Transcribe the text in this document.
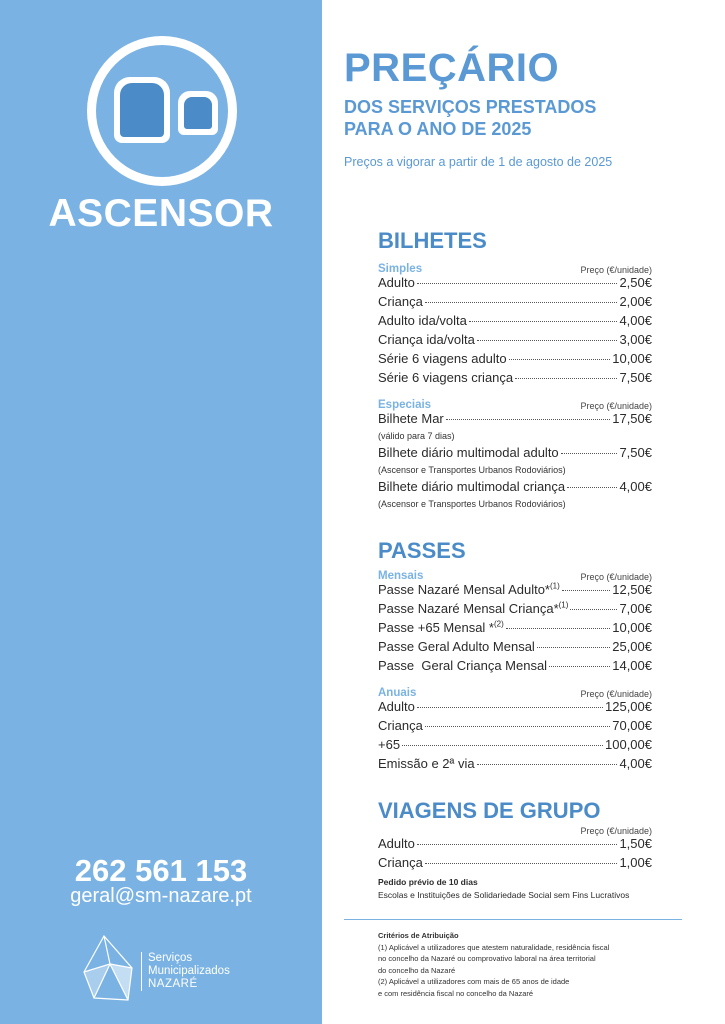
ASCENSOR
262 561 153
geral@sm-nazare.pt
Serviços
Municipalizados
NAZARÉ
PREÇÁRIO
DOS SERVIÇOS PRESTADOS
PARA O ANO DE 2025
Preços a vigorar a partir de 1 de agosto de 2025
BILHETES
Simples	Preço (€/unidade)
Adulto	2,50€
Criança	2,00€
Adulto ida/volta	4,00€
Criança ida/volta	3,00€
Série 6 viagens adulto	10,00€
Série 6 viagens criança	7,50€
Especiais	Preço (€/unidade)
Bilhete Mar	17,50€
(válido para 7 dias)
Bilhete diário multimodal adulto	7,50€
(Ascensor e Transportes Urbanos Rodoviários)
Bilhete diário multimodal criança	4,00€
(Ascensor e Transportes Urbanos Rodoviários)
PASSES
Mensais	Preço (€/unidade)
Passe Nazaré Mensal Adulto*$^{(1)}$	12,50€
Passe Nazaré Mensal Criança*$^{(1)}$	7,00€
Passe +65 Mensal *$^{(2)}$	10,00€
Passe Geral Adulto Mensal	25,00€
Passe  Geral Criança Mensal	14,00€
Anuais	Preço (€/unidade)
Adulto	125,00€
Criança	70,00€
+65	100,00€
Emissão e 2ª via	4,00€
VIAGENS DE GRUPO
Preço (€/unidade)
Adulto	1,50€
Criança	1,00€
Pedido prévio de 10 dias
Escolas e Instituições de Solidariedade Social sem Fins Lucrativos
Critérios de Atribuição
(1) Aplicável a utilizadores que atestem naturalidade, residência fiscal
no concelho da Nazaré ou comprovativo laboral na área territorial
do concelho da Nazaré
(2) Aplicável a utilizadores com mais de 65 anos de idade
e com residência fiscal no concelho da Nazaré
